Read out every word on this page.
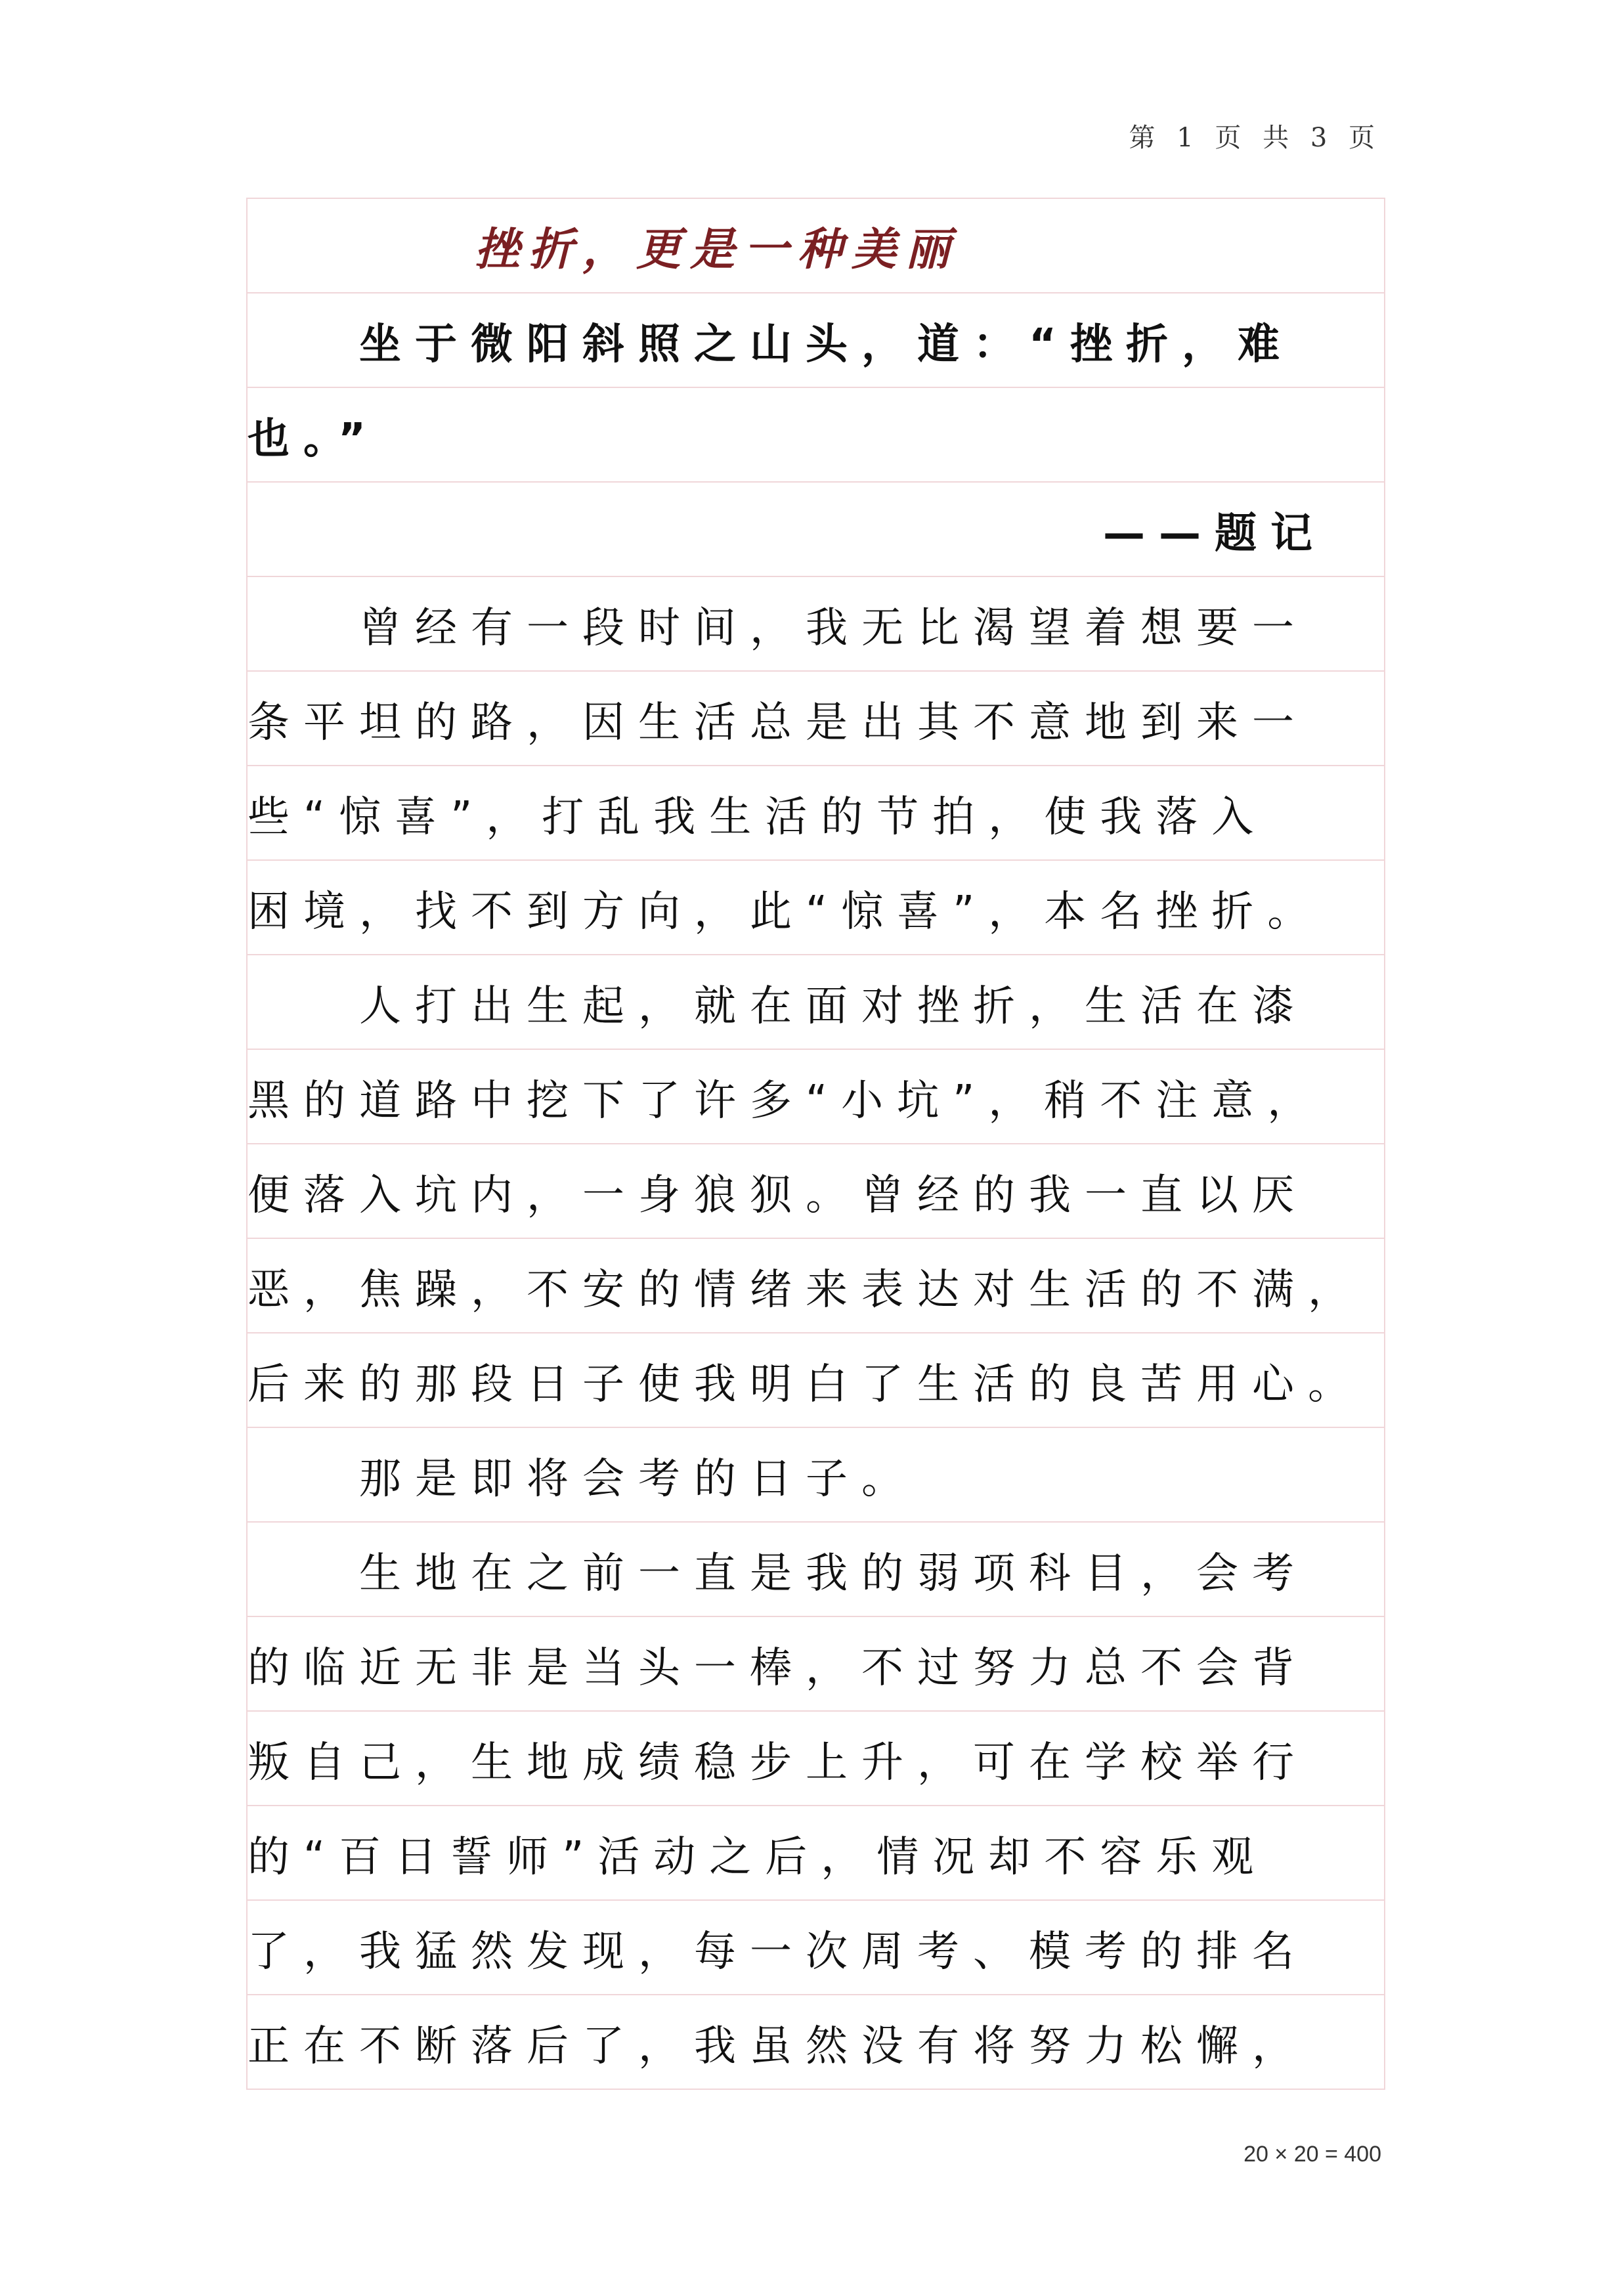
第 1 页 共 3 页
挫折，更是一种美丽
坐于微阳斜照之山头，道：“挫折，难
也。”
——题记
曾经有一段时间，我无比渴望着想要一
条平坦的路，因生活总是出其不意地到来一
些“惊喜”，打乱我生活的节拍，使我落入
困境，找不到方向，此“惊喜”，本名挫折。
人打出生起，就在面对挫折，生活在漆
黑的道路中挖下了许多“小坑”，稍不注意，
便落入坑内，一身狼狈。曾经的我一直以厌
恶，焦躁，不安的情绪来表达对生活的不满，
后来的那段日子使我明白了生活的良苦用心。
那是即将会考的日子。
生地在之前一直是我的弱项科目，会考
的临近无非是当头一棒，不过努力总不会背
叛自己，生地成绩稳步上升，可在学校举行
的“百日誓师”活动之后，情况却不容乐观
了，我猛然发现，每一次周考、模考的排名
正在不断落后了，我虽然没有将努力松懈，
20 × 20 = 400
